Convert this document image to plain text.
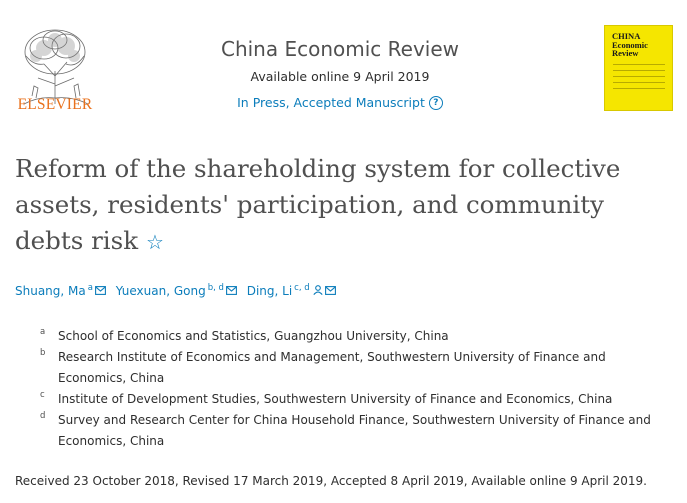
ELSEVIER
China Economic Review
Available online 9 April 2019
In Press, Accepted Manuscript ?
CHINA
Economic
Review
Reform of the shareholding system for collective assets, residents' participation, and community debts risk ☆
Shuang, Ma$^a$
Yuexuan, Gong$^{b, d}$
Ding, Li$^{c, d}$
a School of Economics and Statistics, Guangzhou University, China
b Research Institute of Economics and Management, Southwestern University of Finance and Economics, China
c Institute of Development Studies, Southwestern University of Finance and Economics, China
d Survey and Research Center for China Household Finance, Southwestern University of Finance and Economics, China
Received 23 October 2018, Revised 17 March 2019, Accepted 8 April 2019, Available online 9 April 2019.
